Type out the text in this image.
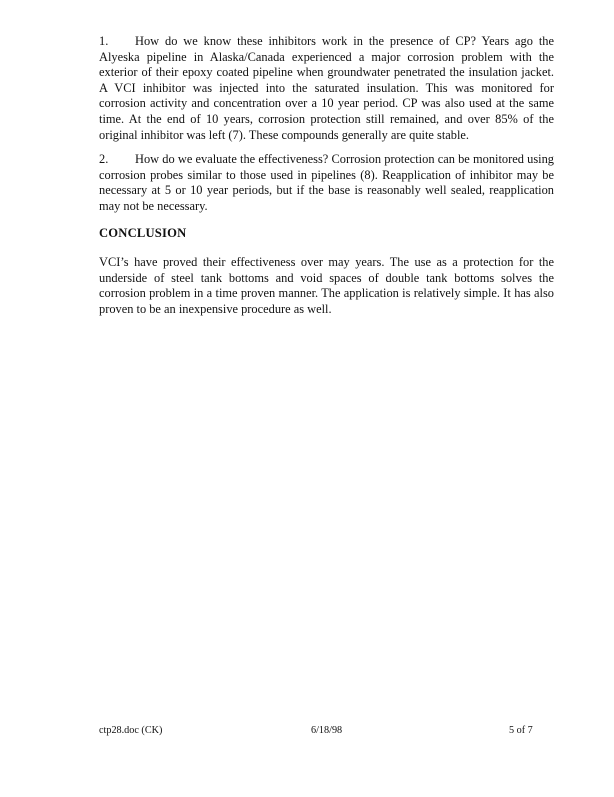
1. How do we know these inhibitors work in the presence of CP? Years ago the Alyeska pipeline in Alaska/Canada experienced a major corrosion problem with the exterior of their epoxy coated pipeline when groundwater penetrated the insulation jacket. A VCI inhibitor was injected into the saturated insulation. This was monitored for corrosion activity and concentration over a 10 year period. CP was also used at the same time. At the end of 10 years, corrosion protection still remained, and over 85% of the original inhibitor was left (7). These compounds generally are quite stable.

2. How do we evaluate the effectiveness? Corrosion protection can be monitored using corrosion probes similar to those used in pipelines (8). Reapplication of inhibitor may be necessary at 5 or 10 year periods, but if the base is reasonably well sealed, reapplication may not be necessary.

CONCLUSION

VCI’s have proved their effectiveness over may years. The use as a protection for the underside of steel tank bottoms and void spaces of double tank bottoms solves the corrosion problem in a time proven manner. The application is relatively simple. It has also proven to be an inexpensive procedure as well.

ctp28.doc (CK)	6/18/98	5 of 7
